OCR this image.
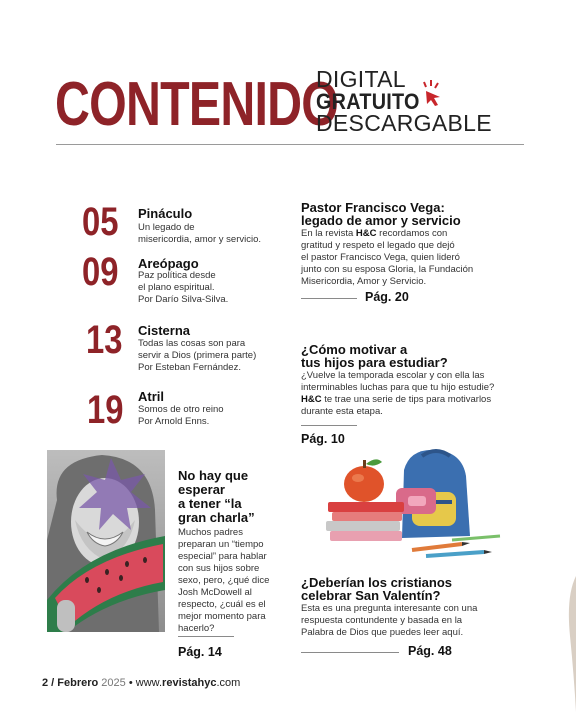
CONTENIDO
DIGITAL
GRATUITO
DESCARGABLE
05 Pináculo
Un legado de
misericordia, amor y servicio.
09 Areópago
Paz política desde
el plano espiritual.
Por Darío Silva-Silva.
13 Cisterna
Todas las cosas son para
servir a Dios (primera parte)
Por Esteban Fernández.
19 Atril
Somos de otro reino
Por Arnold Enns.
No hay que
esperar
a tener “la
gran charla”
Muchos padres
preparan un “tiempo
especial” para hablar
con sus hijos sobre
sexo, pero, ¿qué dice
Josh McDowell al
respecto, ¿cuál es el
mejor momento para
hacerlo?
Pág. 14
Pastor Francisco Vega:
legado de amor y servicio
En la revista H&C recordamos con
gratitud y respeto el legado que dejó
el pastor Francisco Vega, quien lideró
junto con su esposa Gloria, la Fundación
Misericordia, Amor y Servicio.
Pág. 20
¿Cómo motivar a
tus hijos para estudiar?
¿Vuelve la temporada escolar y con ella las
interminables luchas para que tu hijo estudie?
H&C te trae una serie de tips para motivarlos
durante esta etapa.
Pág. 10
¿Deberían los cristianos
celebrar San Valentín?
Esta es una pregunta interesante con una
respuesta contundente y basada en la
Palabra de Dios que puedes leer aquí.
Pág. 48
2 / Febrero 2025 • www.revistahyc.com
